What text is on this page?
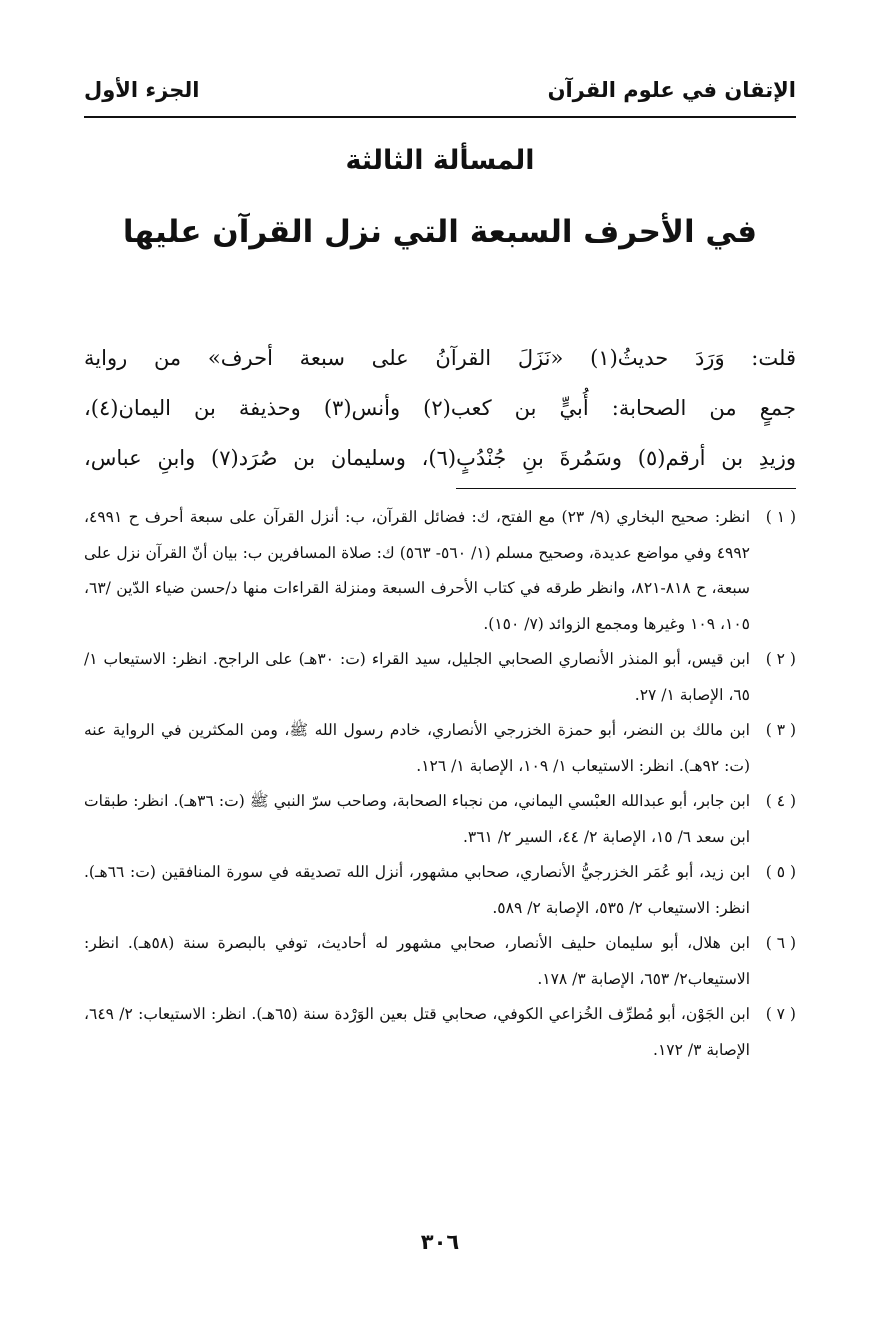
الإتقان في علوم القرآن
الجزء الأول
المسألة الثالثة
في الأحرف السبعة التي نزل القرآن عليها
قلت: وَرَدَ حديثُ(١) «نَزَلَ القرآنُ على سبعة أحرف» من رواية
جمعٍ من الصحابة: أُبيٍّ بن كعب(٢) وأنس(٣) وحذيفة بن اليمان(٤)،
وزيدِ بن أرقم(٥) وسَمُرةَ بنِ جُنْدُبٍ(٦)، وسليمان بن صُرَد(٧) وابنِ عباس،
( ١ )انظر: صحيح البخاري (٩/ ٢٣) مع الفتح، ك: فضائل القرآن، ب: أنزل القرآن على سبعة أحرف ح ٤٩٩١، ٤٩٩٢ وفي مواضع عديدة، وصحيح مسلم (١/ ٥٦٠- ٥٦٣) ك: صلاة المسافرين ب: بيان أنّ القرآن نزل على سبعة، ح ٨١٨-٨٢١، وانظر طرقه في كتاب الأحرف السبعة ومنزلة القراءات منها د/حسن ضياء الدّين /٦٣، ١٠٥، ١٠٩ وغيرها ومجمع الزوائد (٧/ ١٥٠).
( ٢ )ابن قيس، أبو المنذر الأنصاري الصحابي الجليل، سيد القراء (ت: ٣٠هـ) على الراجح. انظر: الاستيعاب ١/ ٦٥، الإصابة ١/ ٢٧.
( ٣ )ابن مالك بن النضر، أبو حمزة الخزرجي الأنصاري، خادم رسول الله ﷺ، ومن المكثرين في الرواية عنه (ت: ٩٢هـ). انظر: الاستيعاب ١/ ١٠٩، الإصابة ١/ ١٢٦.
( ٤ )ابن جابر، أبو عبدالله العبْسي اليماني، من نجباء الصحابة، وصاحب سرّ النبي ﷺ (ت: ٣٦هـ). انظر: طبقات ابن سعد ٦/ ١٥، الإصابة ٢/ ٤٤، السير ٢/ ٣٦١.
( ٥ )ابن زيد، أبو عُمَر الخزرجيُّ الأنصاري، صحابي مشهور، أنزل الله تصديقه في سورة المنافقين (ت: ٦٦هـ). انظر: الاستيعاب ٢/ ٥٣٥، الإصابة ٢/ ٥٨٩.
( ٦ )ابن هلال، أبو سليمان حليف الأنصار، صحابي مشهور له أحاديث، توفي بالبصرة سنة (٥٨هـ). انظر: الاستيعاب٢/ ٦٥٣، الإصابة ٣/ ١٧٨.
( ٧ )ابن الجَوْن، أبو مُطرِّف الخُزاعي الكوفي، صحابي قتل بعين الوَرْدة سنة (٦٥هـ). انظر: الاستيعاب: ٢/ ٦٤٩، الإصابة ٣/ ١٧٢.
٣٠٦
